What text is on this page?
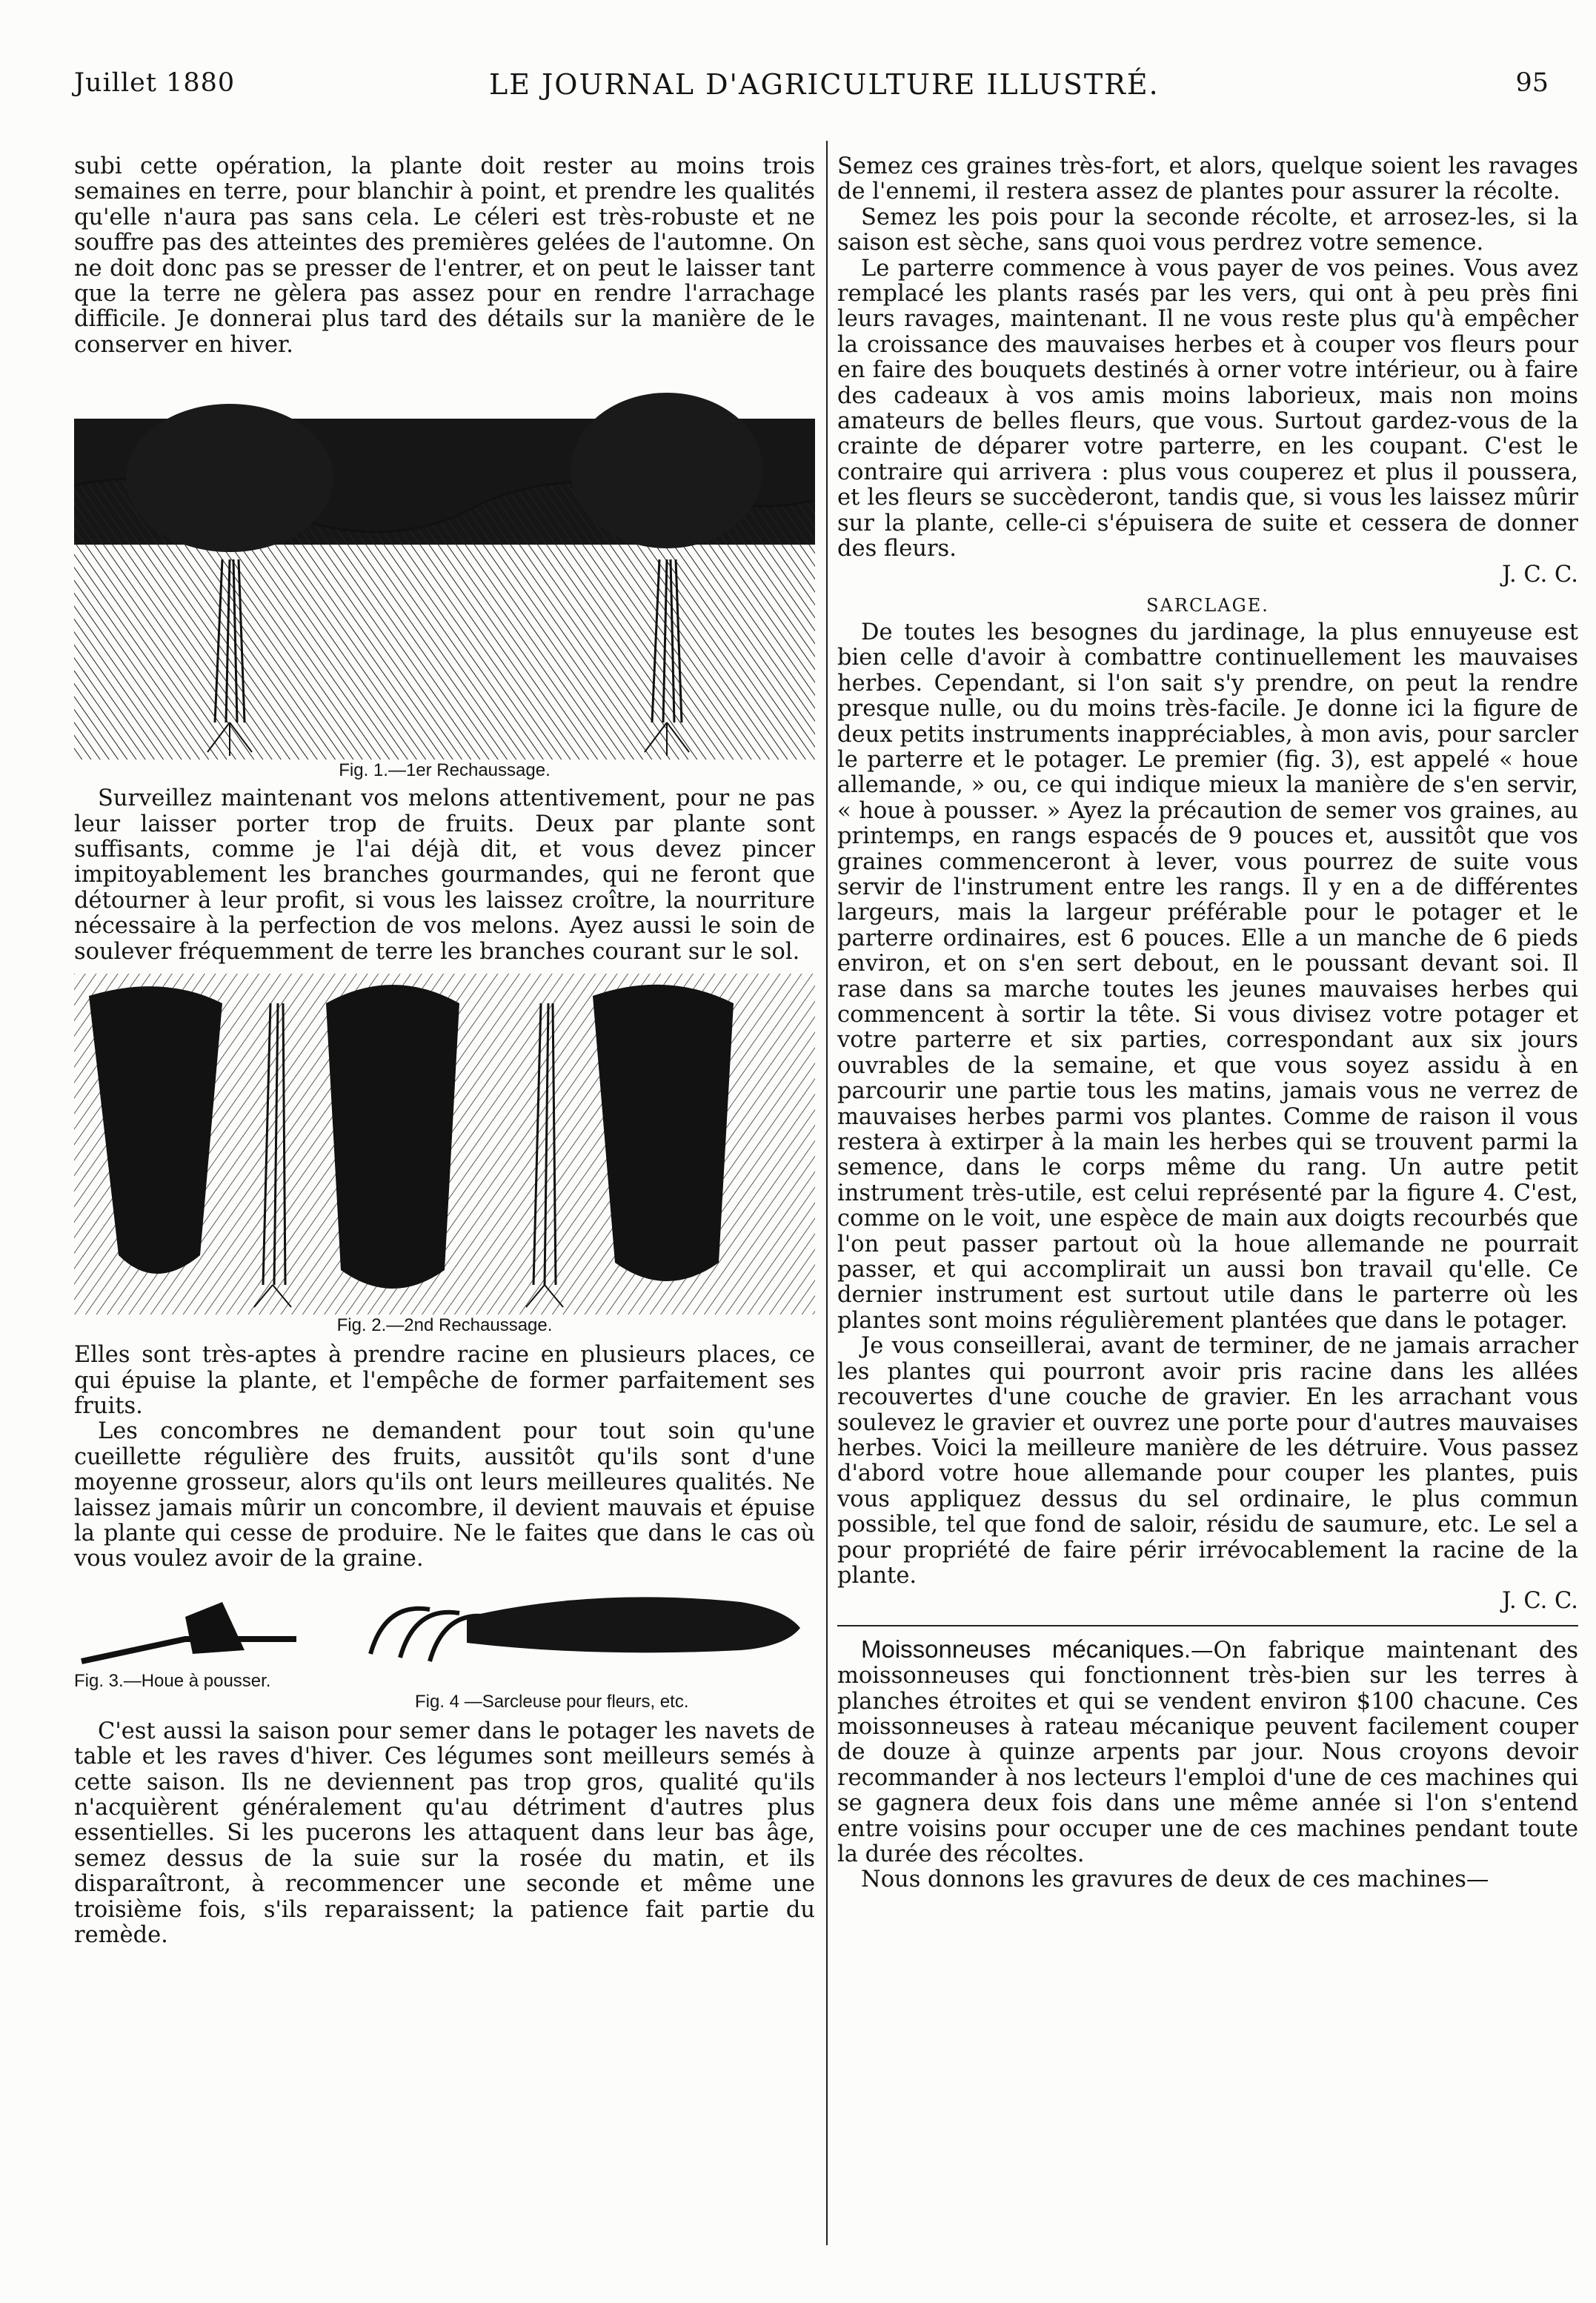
Juillet 1880	LE JOURNAL D'AGRICULTURE ILLUSTRÉ.	95

subi cette opération, la plante doit rester au moins trois semaines en terre, pour blanchir à point, et prendre les qualités qu'elle n'aura pas sans cela. Le céleri est très-robuste et ne souffre pas des atteintes des premières gelées de l'automne. On ne doit donc pas se presser de l'entrer, et on peut le laisser tant que la terre ne gèlera pas assez pour en rendre l'arrachage difficile. Je donnerai plus tard des détails sur la manière de le conserver en hiver.

Fig. 1.—1er Rechaussage.

Surveillez maintenant vos melons attentivement, pour ne pas leur laisser porter trop de fruits. Deux par plante sont suffisants, comme je l'ai déjà dit, et vous devez pincer impitoyablement les branches gourmandes, qui ne feront que détourner à leur profit, si vous les laissez croître, la nourriture nécessaire à la perfection de vos melons. Ayez aussi le soin de soulever fréquemment de terre les branches courant sur le sol.

Fig. 2.—2nd Rechaussage.

Elles sont très-aptes à prendre racine en plusieurs places, ce qui épuise la plante, et l'empêche de former parfaitement ses fruits.

Les concombres ne demandent pour tout soin qu'une cueillette régulière des fruits, aussitôt qu'ils sont d'une moyenne grosseur, alors qu'ils ont leurs meilleures qualités. Ne laissez jamais mûrir un concombre, il devient mauvais et épuise la plante qui cesse de produire. Ne le faites que dans le cas où vous voulez avoir de la graine.

Fig. 3.—Houe à pousser.
Fig. 4 —Sarcleuse pour fleurs, etc.

C'est aussi la saison pour semer dans le potager les navets de table et les raves d'hiver. Ces légumes sont meilleurs semés à cette saison. Ils ne deviennent pas trop gros, qualité qu'ils n'acquièrent généralement qu'au détriment d'autres plus essentielles. Si les pucerons les attaquent dans leur bas âge, semez dessus de la suie sur la rosée du matin, et ils disparaîtront, à recommencer une seconde et même une troisième fois, s'ils reparaissent; la patience fait partie du remède.

Semez ces graines très-fort, et alors, quelque soient les ravages de l'ennemi, il restera assez de plantes pour assurer la récolte.

Semez les pois pour la seconde récolte, et arrosez-les, si la saison est sèche, sans quoi vous perdrez votre semence.

Le parterre commence à vous payer de vos peines. Vous avez remplacé les plants rasés par les vers, qui ont à peu près fini leurs ravages, maintenant. Il ne vous reste plus qu'à empêcher la croissance des mauvaises herbes et à couper vos fleurs pour en faire des bouquets destinés à orner votre intérieur, ou à faire des cadeaux à vos amis moins laborieux, mais non moins amateurs de belles fleurs, que vous. Surtout gardez-vous de la crainte de déparer votre parterre, en les coupant. C'est le contraire qui arrivera : plus vous couperez et plus il poussera, et les fleurs se succèderont, tandis que, si vous les laissez mûrir sur la plante, celle-ci s'épuisera de suite et cessera de donner des fleurs.

J. C. C.

SARCLAGE.

De toutes les besognes du jardinage, la plus ennuyeuse est bien celle d'avoir à combattre continuellement les mauvaises herbes. Cependant, si l'on sait s'y prendre, on peut la rendre presque nulle, ou du moins très-facile. Je donne ici la figure de deux petits instruments inappréciables, à mon avis, pour sarcler le parterre et le potager. Le premier (fig. 3), est appelé « houe allemande, » ou, ce qui indique mieux la manière de s'en servir, « houe à pousser. » Ayez la précaution de semer vos graines, au printemps, en rangs espacés de 9 pouces et, aussitôt que vos graines commenceront à lever, vous pourrez de suite vous servir de l'instrument entre les rangs. Il y en a de différentes largeurs, mais la largeur préférable pour le potager et le parterre ordinaires, est 6 pouces. Elle a un manche de 6 pieds environ, et on s'en sert debout, en le poussant devant soi. Il rase dans sa marche toutes les jeunes mauvaises herbes qui commencent à sortir la tête. Si vous divisez votre potager et votre parterre et six parties, correspondant aux six jours ouvrables de la semaine, et que vous soyez assidu à en parcourir une partie tous les matins, jamais vous ne verrez de mauvaises herbes parmi vos plantes. Comme de raison il vous restera à extirper à la main les herbes qui se trouvent parmi la semence, dans le corps même du rang. Un autre petit instrument très-utile, est celui représenté par la figure 4. C'est, comme on le voit, une espèce de main aux doigts recourbés que l'on peut passer partout où la houe allemande ne pourrait passer, et qui accomplirait un aussi bon travail qu'elle. Ce dernier instrument est surtout utile dans le parterre où les plantes sont moins régulièrement plantées que dans le potager.

Je vous conseillerai, avant de terminer, de ne jamais arracher les plantes qui pourront avoir pris racine dans les allées recouvertes d'une couche de gravier. En les arrachant vous soulevez le gravier et ouvrez une porte pour d'autres mauvaises herbes. Voici la meilleure manière de les détruire. Vous passez d'abord votre houe allemande pour couper les plantes, puis vous appliquez dessus du sel ordinaire, le plus commun possible, tel que fond de saloir, résidu de saumure, etc. Le sel a pour propriété de faire périr irrévocablement la racine de la plante.

J. C. C.

Moissonneuses mécaniques.—On fabrique maintenant des moissonneuses qui fonctionnent très-bien sur les terres à planches étroites et qui se vendent environ $100 chacune. Ces moissonneuses à rateau mécanique peuvent facilement couper de douze à quinze arpents par jour. Nous croyons devoir recommander à nos lecteurs l'emploi d'une de ces machines qui se gagnera deux fois dans une même année si l'on s'entend entre voisins pour occuper une de ces machines pendant toute la durée des récoltes.

Nous donnons les gravures de deux de ces machines—
